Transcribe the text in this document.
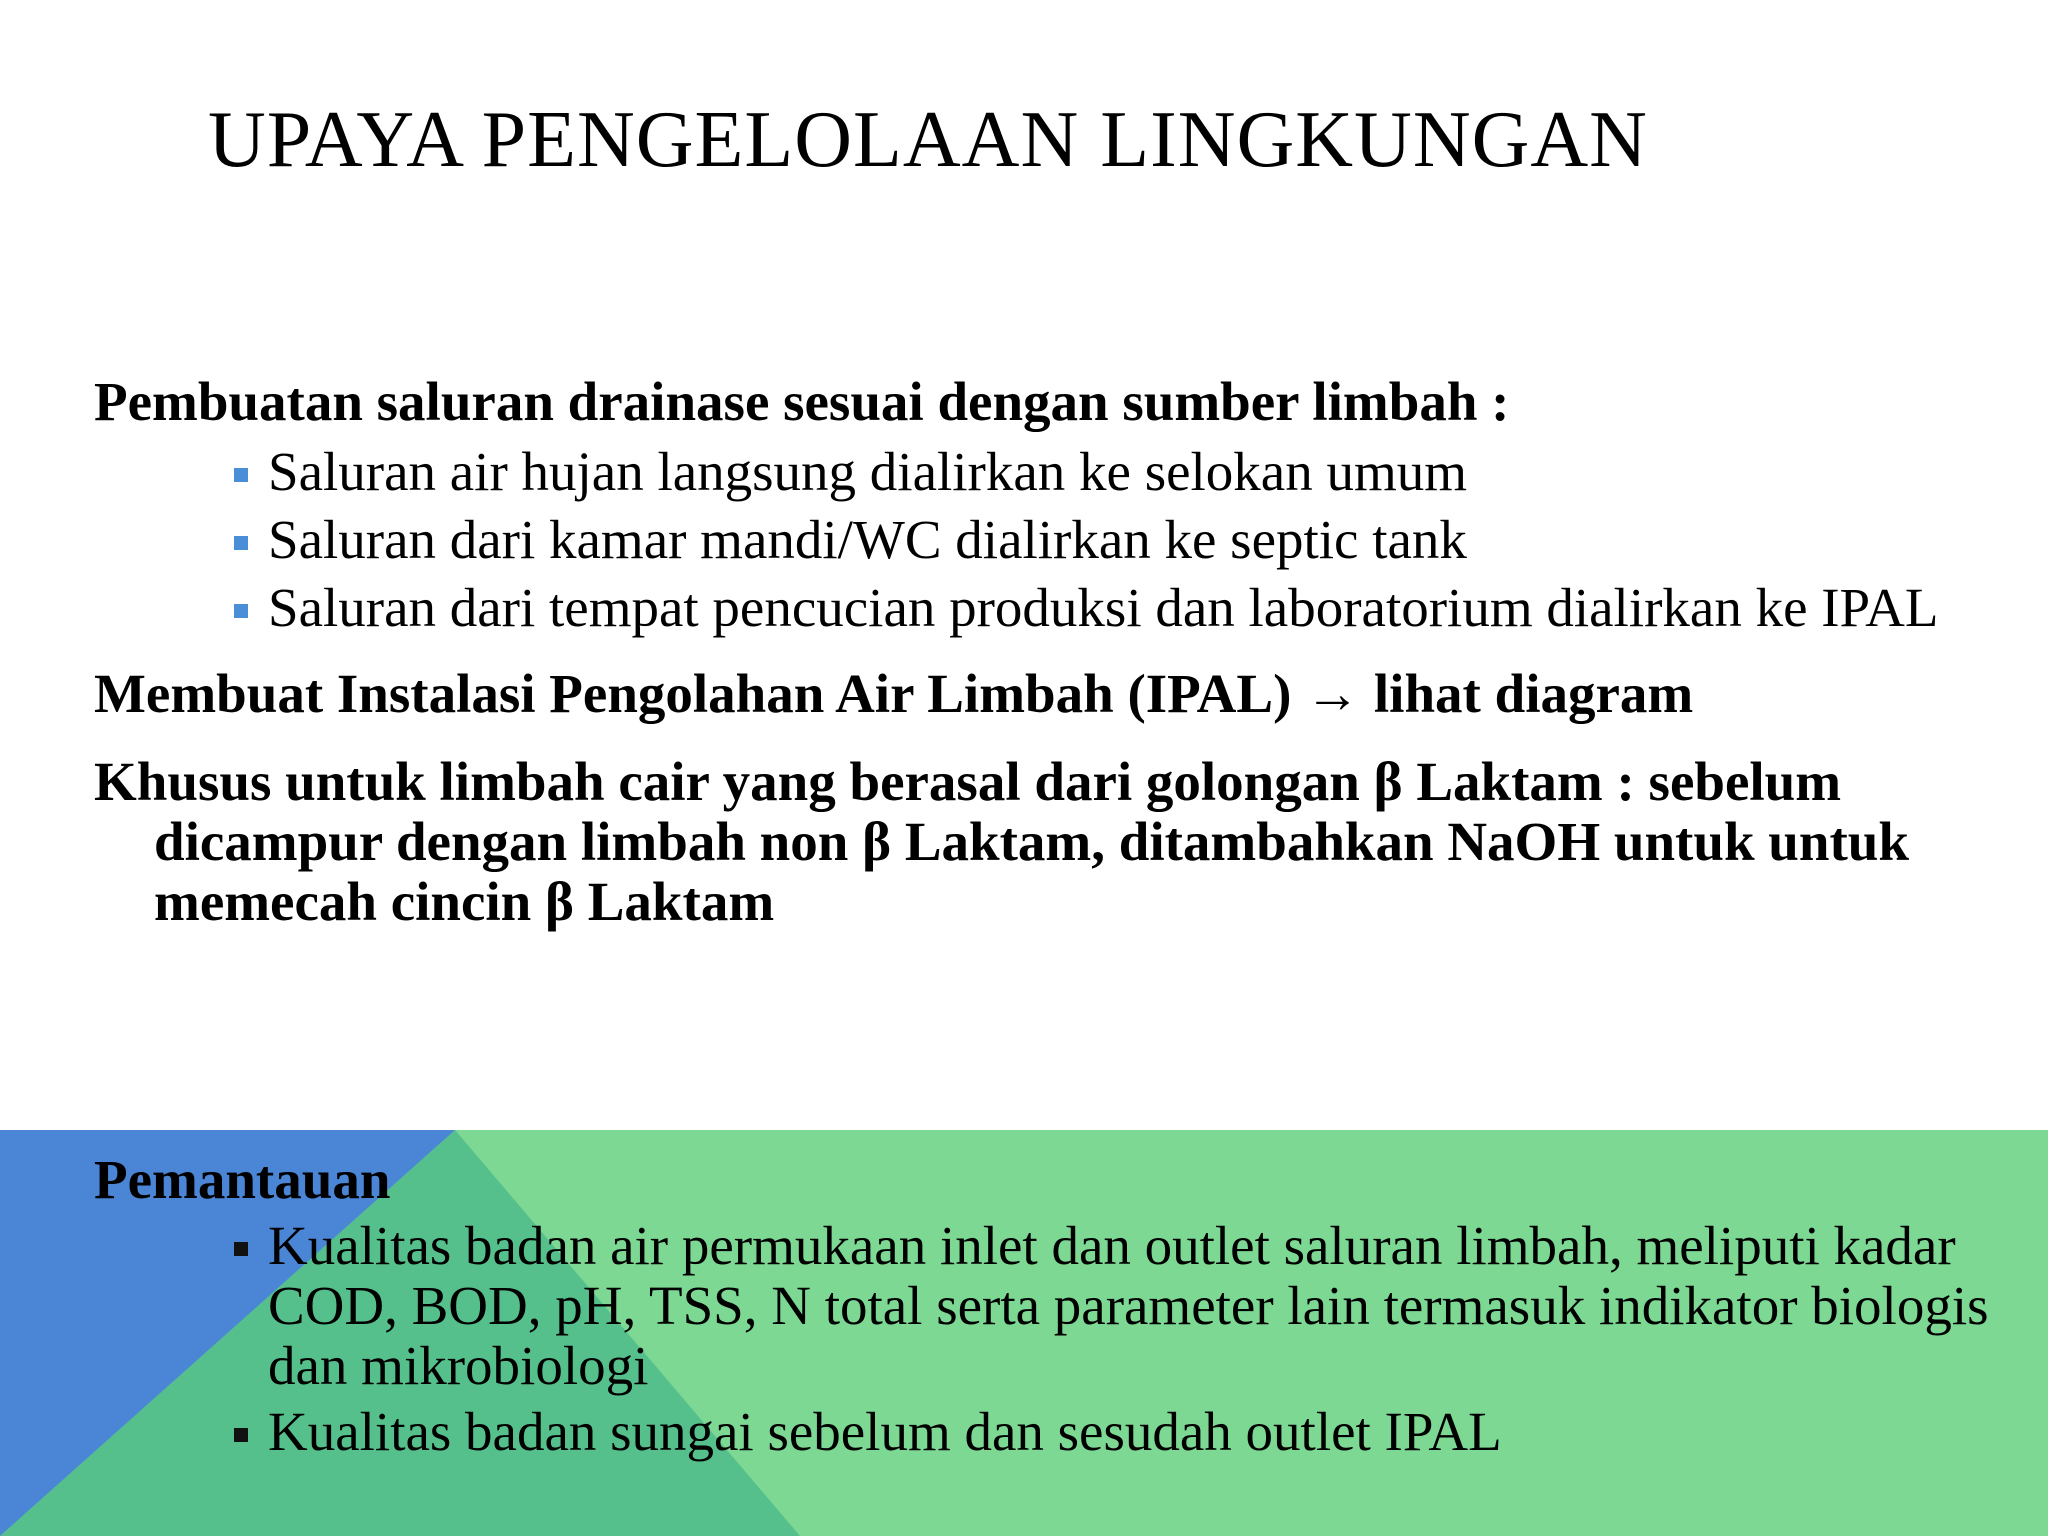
UPAYA PENGELOLAAN LINGKUNGAN

Pembuatan saluran drainase sesuai dengan sumber limbah :

Saluran air hujan langsung dialirkan ke selokan umum
Saluran dari kamar mandi/WC dialirkan ke septic tank
Saluran dari tempat pencucian produksi dan laboratorium dialirkan ke IPAL

Membuat Instalasi Pengolahan Air Limbah (IPAL) → lihat diagram

Khusus untuk limbah cair yang berasal dari golongan β Laktam : sebelum dicampur dengan limbah non β Laktam, ditambahkan NaOH untuk untuk memecah cincin β Laktam

Pemantauan

Kualitas badan air permukaan inlet dan outlet saluran limbah, meliputi kadar COD, BOD, pH, TSS, N total serta parameter lain termasuk indikator biologis dan mikrobiologi
Kualitas badan sungai sebelum dan sesudah outlet IPAL
